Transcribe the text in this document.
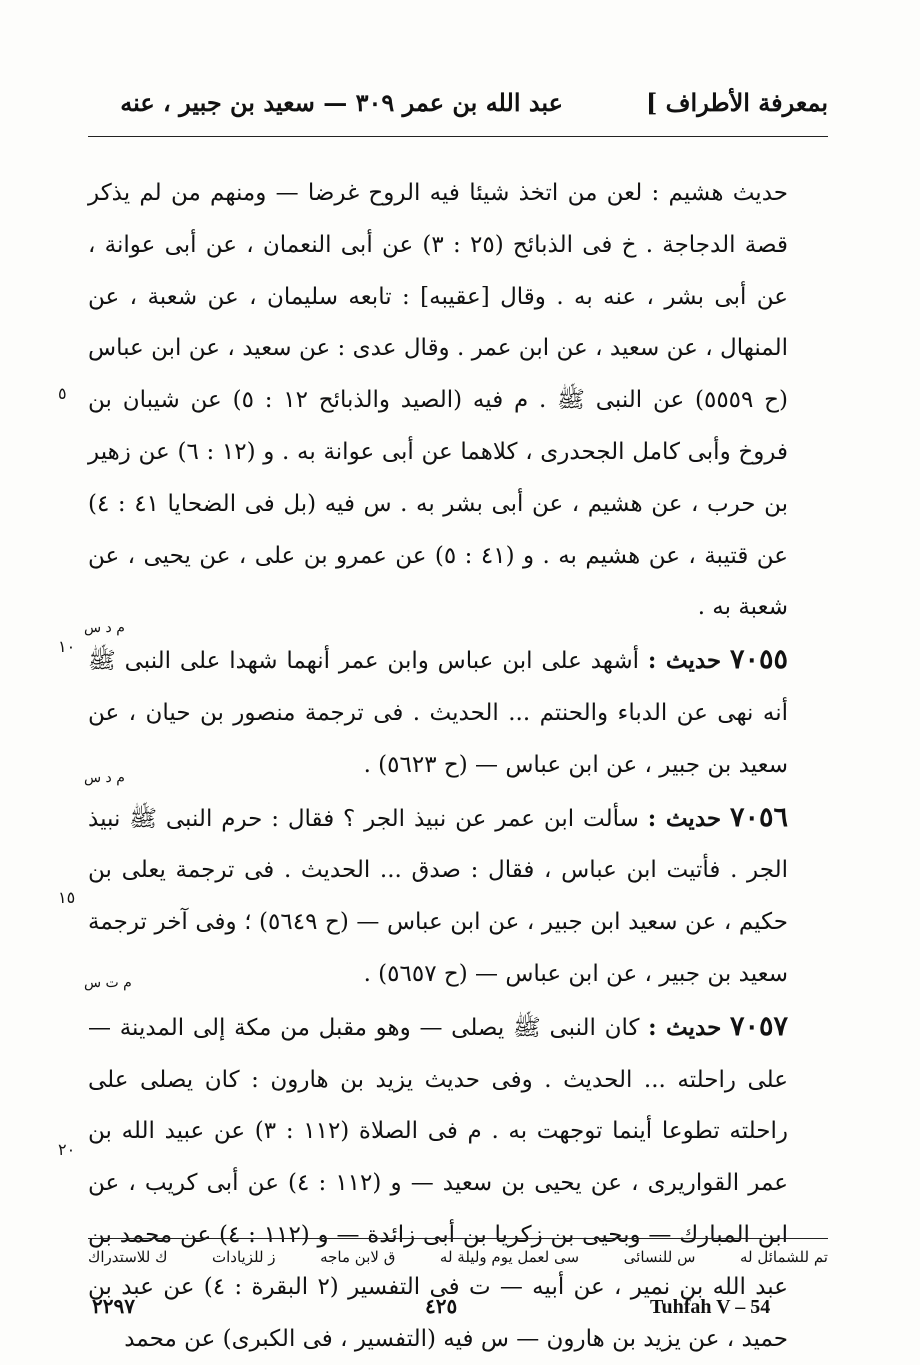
بمعرفة الأطراف ]
عبد الله بن عمر ٣٠٩ — سعيد بن جبير ، عنه

حديث هشيم : لعن من اتخذ شيئا فيه الروح غرضا — ومنهم من لم يذكر قصة الدجاجة . خ فى الذبائح (٢٥ : ٣) عن أبى النعمان ، عن أبى عوانة ، عن أبى بشر ، عنه به . وقال [عقيبه] : تابعه سليمان ، عن شعبة ، عن المنهال ، عن سعيد ، عن ابن عمر . وقال عدى : عن سعيد ، عن ابن عباس (ح ٥٥٥٩) عن النبى ﷺ . م فيه (الصيد والذبائح ١٢ : ٥) عن شيبان بن فروخ وأبى كامل الجحدرى ، كلاهما عن أبى عوانة به . و (١٢ : ٦) عن زهير بن حرب ، عن هشيم ، عن أبى بشر به . س فيه (بل فى الضحايا ٤١ : ٤) عن قتيبة ، عن هشيم به . و (٤١ : ٥) عن عمرو بن على ، عن يحيى ، عن شعبة به .

٧٠٥٥ حديث : أشهد على ابن عباس وابن عمر أنهما شهدا على النبى ﷺ أنه نهى عن الدباء والحنتم ... الحديث . فى ترجمة منصور بن حيان ، عن سعيد بن جبير ، عن ابن عباس — (ح ٥٦٢٣) .

٧٠٥٦ حديث : سألت ابن عمر عن نبيذ الجر ؟ فقال : حرم النبى ﷺ نبيذ الجر . فأتيت ابن عباس ، فقال : صدق ... الحديث . فى ترجمة يعلى بن حكيم ، عن سعيد ابن جبير ، عن ابن عباس — (ح ٥٦٤٩) ؛ وفى آخر ترجمة سعيد بن جبير ، عن ابن عباس — (ح ٥٦٥٧) .

٧٠٥٧ حديث : كان النبى ﷺ يصلى — وهو مقبل من مكة إلى المدينة — على راحلته ... الحديث . وفى حديث يزيد بن هارون : كان يصلى على راحلته تطوعا أينما توجهت به . م فى الصلاة (١١٢ : ٣) عن عبيد الله بن عمر القواريرى ، عن يحيى بن سعيد — و (١١٢ : ٤) عن أبى كريب ، عن ابن المبارك — وبحيى بن زكريا بن أبى زائدة — و (١١٢ : ٤) عن محمد بن عبد الله بن نمير ، عن أبيه — ت فى التفسير (٢ البقرة : ٤) عن عبد بن حميد ، عن يزيد بن هارون — س فيه (التفسير ، فى الكبرى) عن محمد

٥
١٠
١٥
٢٠
م د س
م د س
م ت س
تم للشمائل له
س للنسائى
سى لعمل يوم وليلة له
ق لابن ماجه
ز للزيادات
ك للاستدراك
Tuhfah V – 54
٤٢٥
٢٢٩٧
